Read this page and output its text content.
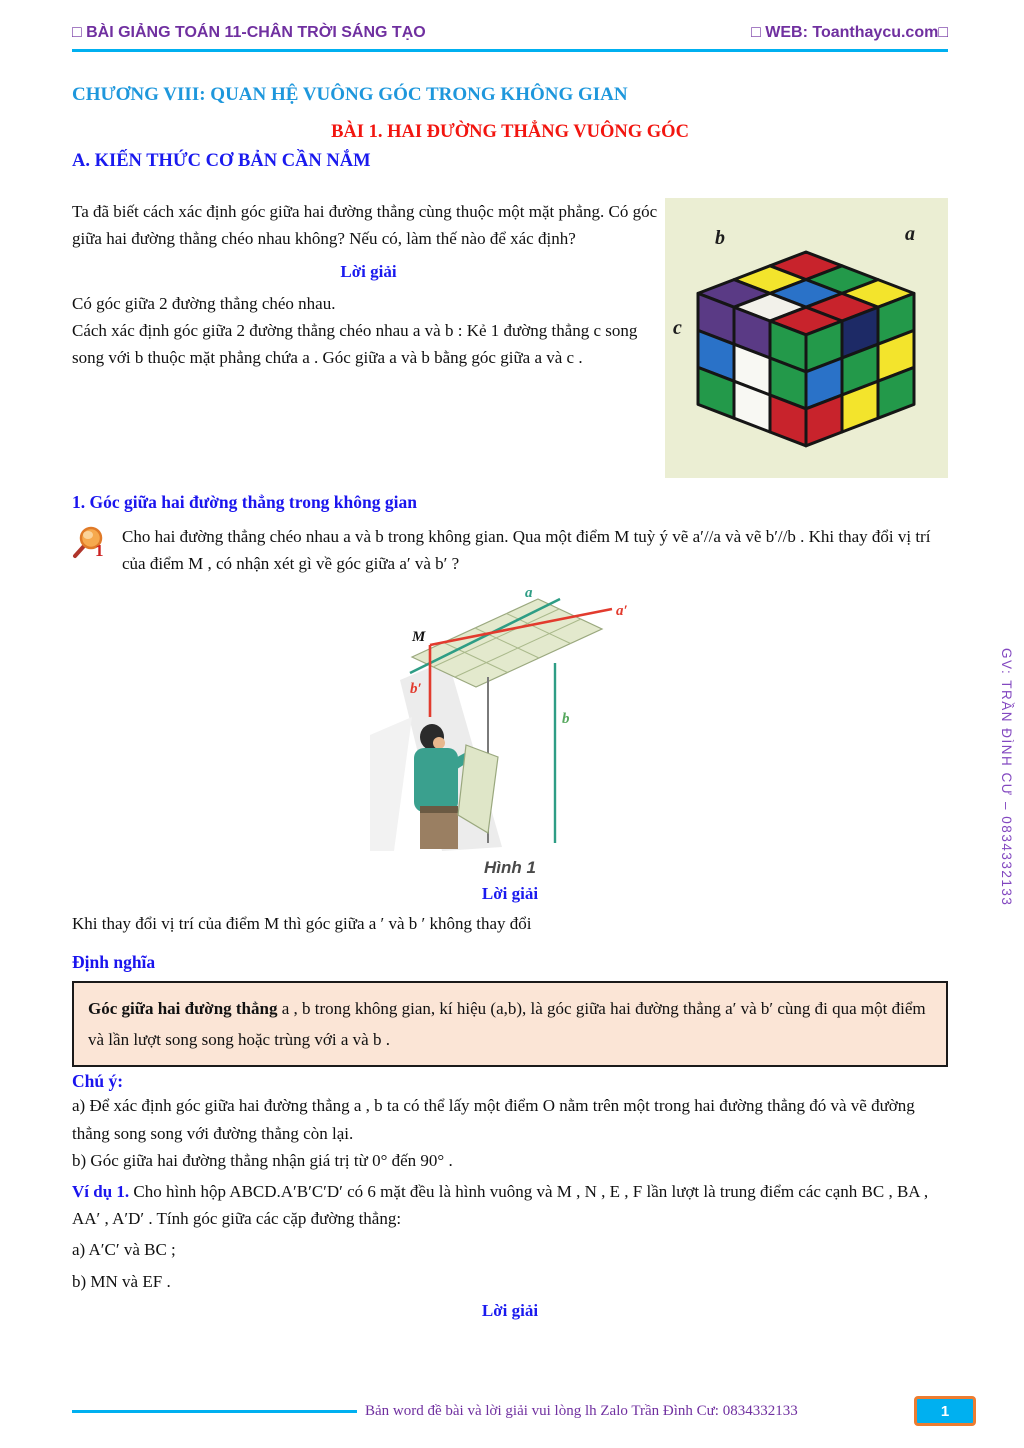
□ BÀI GIẢNG TOÁN 11-CHÂN TRỜI SÁNG TẠO	□ WEB: Toanthaycu.com□
CHƯƠNG VIII: QUAN HỆ VUÔNG GÓC TRONG KHÔNG GIAN
BÀI 1. HAI ĐƯỜNG THẲNG VUÔNG GÓC
A. KIẾN THỨC CƠ BẢN CẦN NẮM
Ta đã biết cách xác định góc giữa hai đường thẳng cùng thuộc một mặt phẳng. Có góc giữa hai đường thẳng chéo nhau không? Nếu có, làm thế nào để xác định?
Lời giải
Có góc giữa 2 đường thẳng chéo nhau.
Cách xác định góc giữa 2 đường thẳng chéo nhau a và b : Kẻ 1 đường thẳng c song song với b thuộc mặt phẳng chứa a . Góc giữa a và b bằng góc giữa a và c .
b	a
c
1. Góc giữa hai đường thẳng trong không gian
1
Cho hai đường thẳng chéo nhau a và b trong không gian. Qua một điểm M tuỳ ý vẽ a′//a và vẽ b′//b . Khi thay đổi vị trí của điểm M , có nhận xét gì về góc giữa a′ và b′ ?
a
a′
M
b′
b
Hình 1
Lời giải
Khi thay đổi vị trí của điểm M thì góc giữa a ′ và b ′ không thay đổi
Định nghĩa
Góc giữa hai đường thẳng a , b trong không gian, kí hiệu (a,b), là góc giữa hai đường thẳng a′ và b′ cùng đi qua một điểm và lần lượt song song hoặc trùng với a và b .
Chú ý:
a) Để xác định góc giữa hai đường thẳng a , b ta có thể lấy một điểm O nằm trên một trong hai đường thẳng đó và vẽ đường thẳng song song với đường thẳng còn lại.
b) Góc giữa hai đường thẳng nhận giá trị từ 0° đến 90° .
Ví dụ 1. Cho hình hộp ABCD.A′B′C′D′ có 6 mặt đều là hình vuông và M , N , E , F lần lượt là trung điểm các cạnh BC , BA , AA′ , A′D′ . Tính góc giữa các cặp đường thẳng:
a) A′C′ và BC ;
b) MN và EF .
Lời giải
GV: TRẦN ĐÌNH CƯ – 0834332133
Bản word đề bài và lời giải vui lòng lh Zalo Trần Đình Cư: 0834332133	1
